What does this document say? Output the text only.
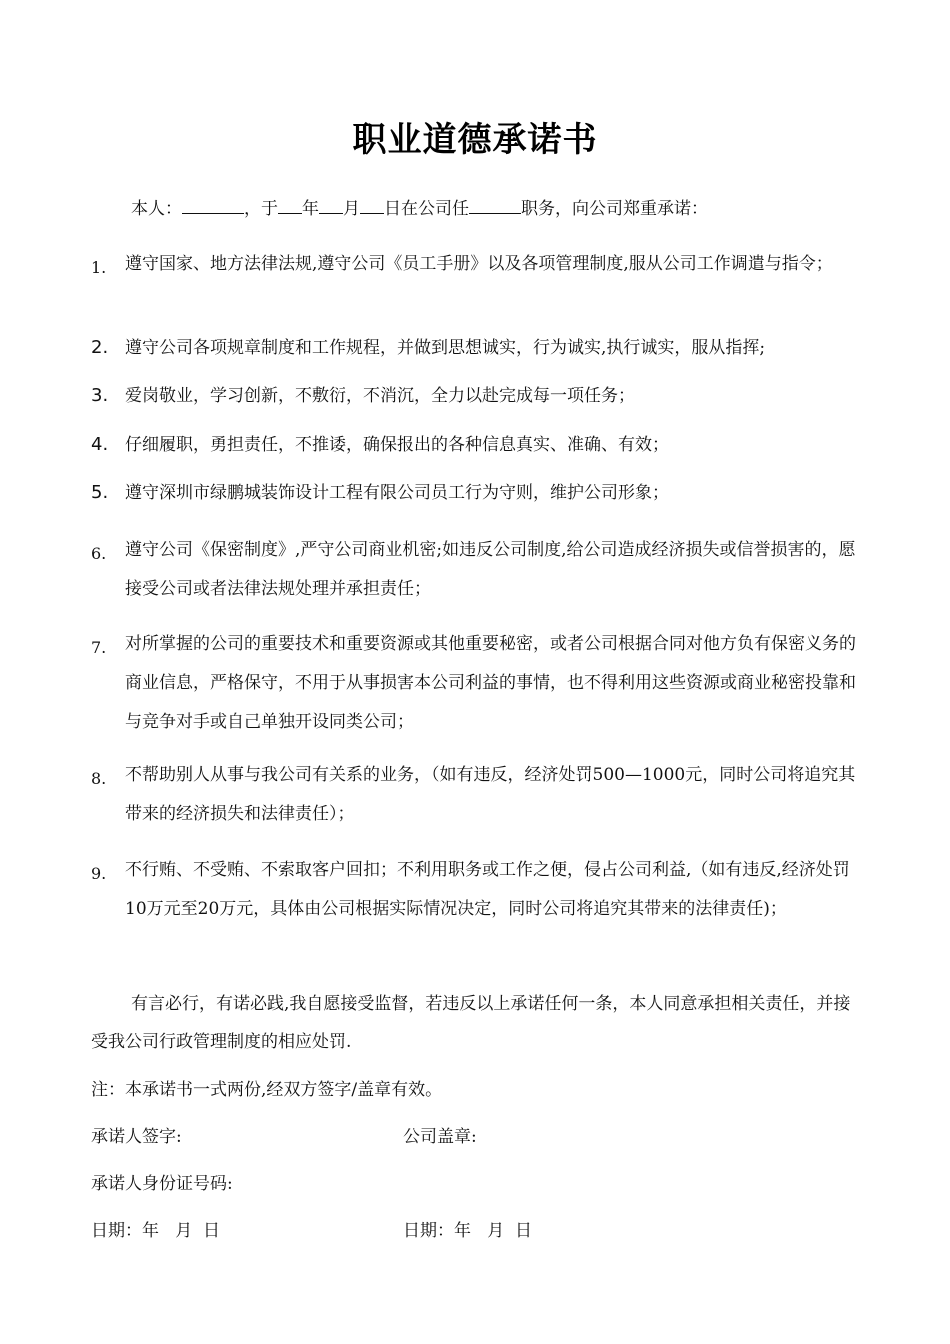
职业道德承诺书
本人：	，于 年 月 日在公司任	职务，向公司郑重承诺：
1. 遵守国家、地方法律法规,遵守公司《员工手册》以及各项管理制度,服从公司工作调遣与指令；
2. 遵守公司各项规章制度和工作规程，并做到思想诚实，行为诚实,执行诚实，服从指挥;
3. 爱岗敬业，学习创新，不敷衍，不消沉，全力以赴完成每一项任务；
4. 仔细履职，勇担责任，不推诿，确保报出的各种信息真实、准确、有效；
5. 遵守深圳市绿鹏城装饰设计工程有限公司员工行为守则，维护公司形象；
6. 遵守公司《保密制度》,严守公司商业机密;如违反公司制度,给公司造成经济损失或信誉损害的，愿接受公司或者法律法规处理并承担责任；
7. 对所掌握的公司的重要技术和重要资源或其他重要秘密，或者公司根据合同对他方负有保密义务的商业信息，严格保守，不用于从事损害本公司利益的事情，也不得利用这些资源或商业秘密投靠和与竞争对手或自己单独开设同类公司；
8. 不帮助别人从事与我公司有关系的业务，（如有违反，经济处罚500—1000元，同时公司将追究其带来的经济损失和法律责任）；
9. 不行贿、不受贿、不索取客户回扣；不利用职务或工作之便，侵占公司利益,（如有违反,经济处罚10万元至20万元，具体由公司根据实际情况决定，同时公司将追究其带来的法律责任)；
有言必行，有诺必践,我自愿接受监督，若违反以上承诺任何一条，本人同意承担相关责任，并接受我公司行政管理制度的相应处罚.
注：本承诺书一式两份,经双方签字/盖章有效。
承诺人签字:	公司盖章:
承诺人身份证号码:
日期：年   月  日	日期：年   月  日
